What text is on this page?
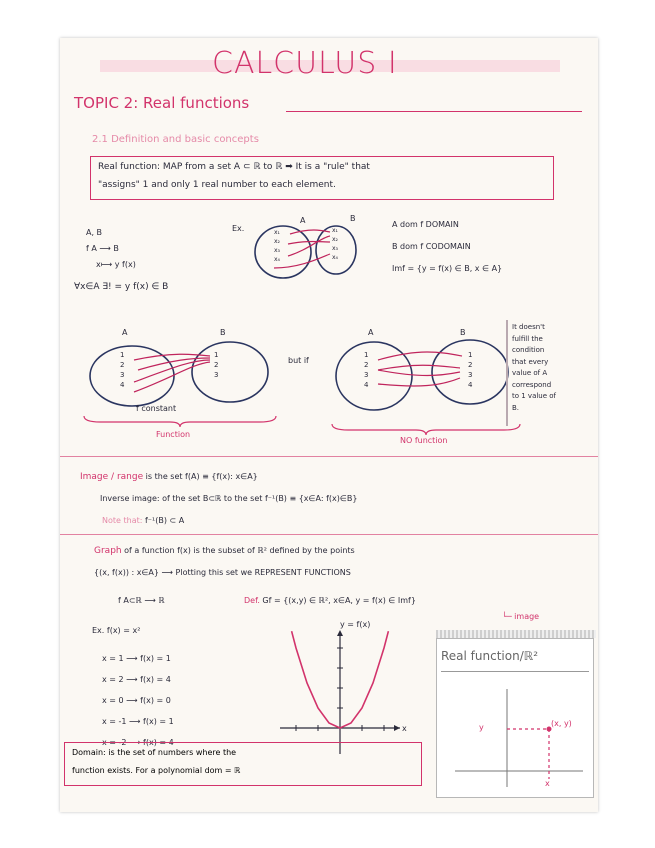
CALCULUS I
TOPIC 2: Real functions
2.1 Definition and basic concepts
Real function: MAP from a set A ⊂ ℝ to ℝ ➡ It is a "rule" that
"assigns" 1 and only 1 real number to each element.
A, B
f A ⟶ B
x⟼ y f(x)
∀x∈A ∃! = y f(x) ∈ B
Ex.
A	B
x₁
x₂
x₃
x₄
x₁
x₂
x₃
x₄
A dom f DOMAIN
B dom f CODOMAIN
Imf = {y = f(x) ∈ B, x ∈ A}
A	B
1
2
3
4
1
2
3
f constant
Function
but if
A	B
1
2
3
4
1
2
3
4
NO function
It doesn't
fulfill the
condition
that every
value of A
correspond
to 1 value of
B.
Image / range is the set f(A) ≡ {f(x): x∈A}
Inverse image: of the set B⊂ℝ to the set f⁻¹(B) ≡ {x∈A: f(x)∈B}
Note that: f⁻¹(B) ⊂ A
Graph of a function f(x) is the subset of ℝ² defined by the points
{(x, f(x)) : x∈A} ⟶ Plotting this set we REPRESENT FUNCTIONS
f A⊂ℝ ⟶ ℝ	Def. Gf = {(x,y) ∈ ℝ², x∈A, y = f(x) ∈ Imf}
└─ image
Ex. f(x) = x²
x = 1 ⟶ f(x) = 1
x = 2 ⟶ f(x) = 4
x = 0 ⟶ f(x) = 0
x = -1 ⟶ f(x) = 1
x = -2 ⟶ f(x) = 4
y = f(x)
x
Domain: is the set of numbers where the
function exists. For a polynomial dom = ℝ
Real function/ℝ²
y	(x, y)
x
